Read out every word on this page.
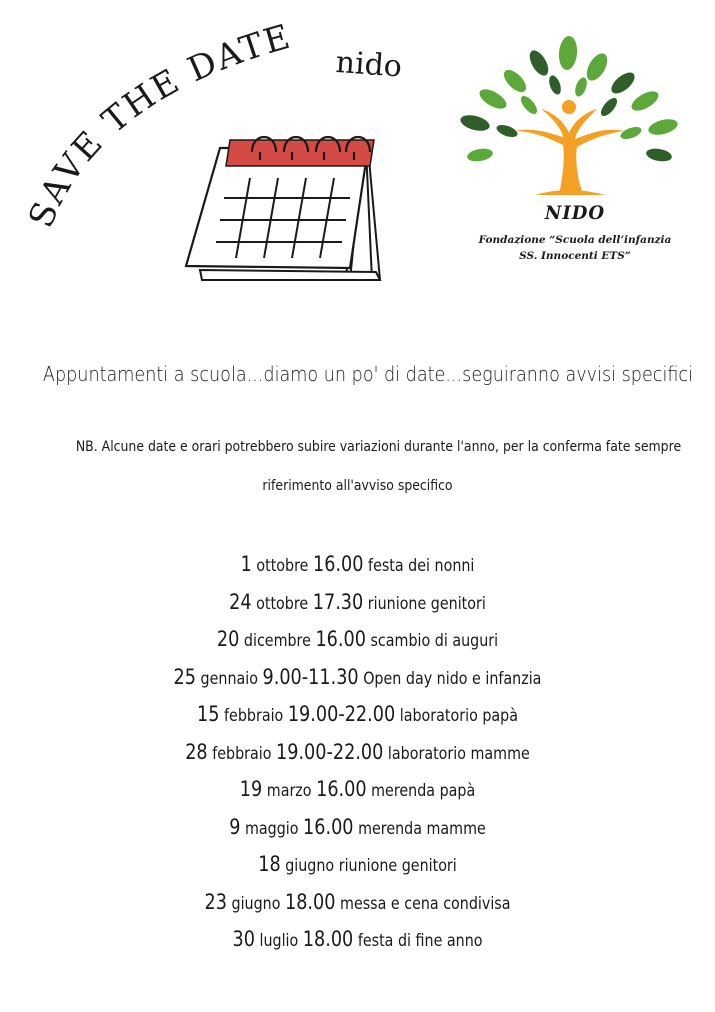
SAVE THE DATE
nido
NIDO
Fondazione “Scuola dell’infanzia
SS. Innocenti ETS”
Appuntamenti a scuola...diamo un po' di date...seguiranno avvisi specifici
NB. Alcune date e orari potrebbero subire variazioni durante l'anno, per la conferma fate sempre
riferimento all'avviso specifico
1 ottobre 16.00 festa dei nonni
24 ottobre 17.30 riunione genitori
20 dicembre 16.00 scambio di auguri
25 gennaio 9.00-11.30 Open day nido e infanzia
15 febbraio 19.00-22.00 laboratorio papà
28 febbraio 19.00-22.00 laboratorio mamme
19 marzo 16.00 merenda papà
9 maggio 16.00 merenda mamme
18 giugno riunione genitori
23 giugno 18.00 messa e cena condivisa
30 luglio 18.00 festa di fine anno
